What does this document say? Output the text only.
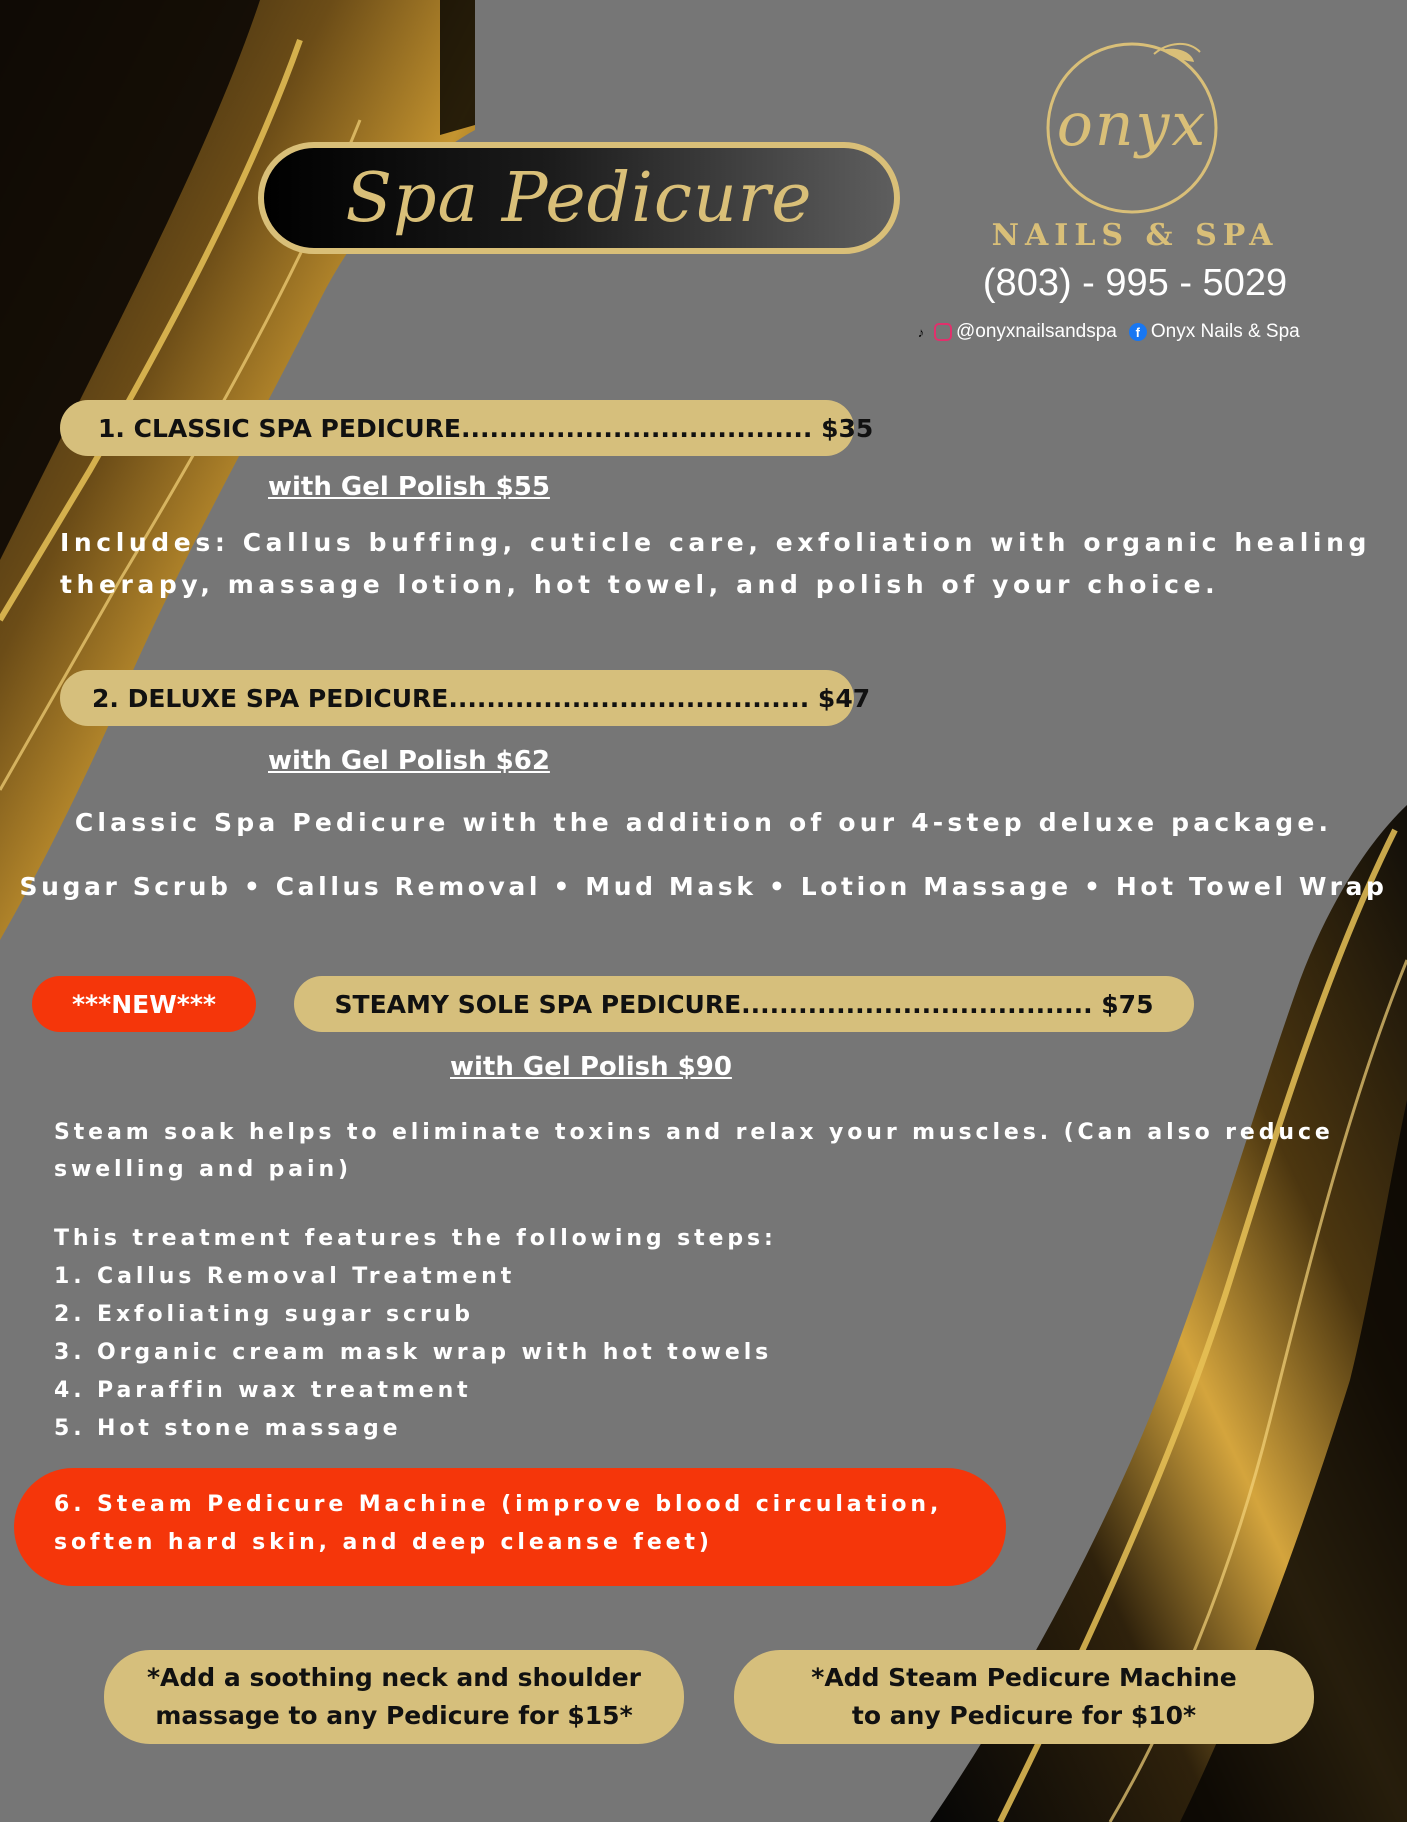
Spa Pedicure
onyx
NAILS & SPA
(803) - 995 - 5029
♪	@onyxnailsandspa	f Onyx Nails & Spa
1. CLASSIC SPA PEDICURE..................................... $35
with Gel Polish $55
Includes: Callus buffing, cuticle care, exfoliation with organic healing
therapy, massage lotion, hot towel, and polish of your choice.
2. DELUXE SPA PEDICURE...................................... $47
with Gel Polish $62
Classic Spa Pedicure with the addition of our 4-step deluxe package.
Sugar Scrub • Callus Removal • Mud Mask • Lotion Massage • Hot Towel Wrap
***NEW***	STEAMY SOLE SPA PEDICURE..................................... $75
with Gel Polish $90
Steam soak helps to eliminate toxins and relax your muscles. (Can also reduce
swelling and pain)
This treatment features the following steps:
1. Callus Removal Treatment
2. Exfoliating sugar scrub
3. Organic cream mask wrap with hot towels
4. Paraffin wax treatment
5. Hot stone massage
6. Steam Pedicure Machine (improve blood circulation,
soften hard skin, and deep cleanse feet)
*Add a soothing neck and shoulder
massage to any Pedicure for $15*
*Add Steam Pedicure Machine
to any Pedicure for $10*
